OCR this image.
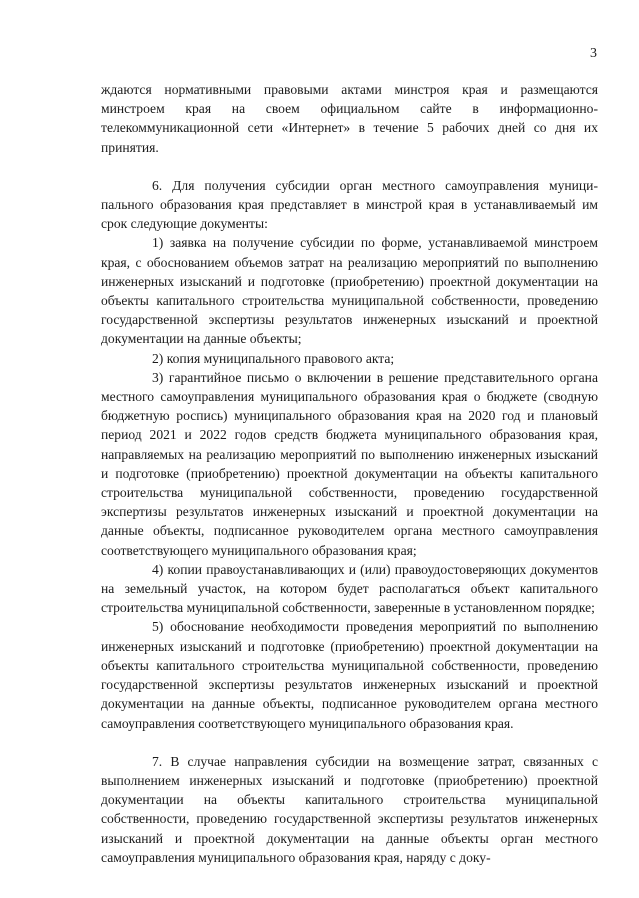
3

ждаются нормативными правовыми актами минстроя края и размещаются минстроем края на своем официальном сайте в информационно-телекоммуникационной сети «Интернет» в течение 5 рабочих дней со дня их принятия.

6. Для получения субсидии орган местного самоуправления муниципального образования края представляет в минстрой края в устанавливаемый им срок следующие документы:

1) заявка на получение субсидии по форме, устанавливаемой минстроем края, с обоснованием объемов затрат на реализацию мероприятий по выполнению инженерных изысканий и подготовке (приобретению) проектной документации на объекты капитального строительства муниципальной собственности, проведению государственной экспертизы результатов инженерных изысканий и проектной документации на данные объекты;

2) копия муниципального правового акта;

3) гарантийное письмо о включении в решение представительного органа местного самоуправления муниципального образования края о бюджете (сводную бюджетную роспись) муниципального образования края на 2020 год и плановый период 2021 и 2022 годов средств бюджета муниципального образования края, направляемых на реализацию мероприятий по выполнению инженерных изысканий и подготовке (приобретению) проектной документации на объекты капитального строительства муниципальной собственности, проведению государственной экспертизы результатов инженерных изысканий и проектной документации на данные объекты, подписанное руководителем органа местного самоуправления соответствующего муниципального образования края;

4) копии правоустанавливающих и (или) правоудостоверяющих документов на земельный участок, на котором будет располагаться объект капитального строительства муниципальной собственности, заверенные в установленном порядке;

5) обоснование необходимости проведения мероприятий по выполнению инженерных изысканий и подготовке (приобретению) проектной документации на объекты капитального строительства муниципальной собственности, проведению государственной экспертизы результатов инженерных изысканий и проектной документации на данные объекты, подписанное руководителем органа местного самоуправления соответствующего муниципального образования края.

7. В случае направления субсидии на возмещение затрат, связанных с выполнением инженерных изысканий и подготовке (приобретению) проектной документации на объекты капитального строительства муниципальной собственности, проведению государственной экспертизы результатов инженерных изысканий и проектной документации на данные объекты орган местного самоуправления муниципального образования края, наряду с доку-
